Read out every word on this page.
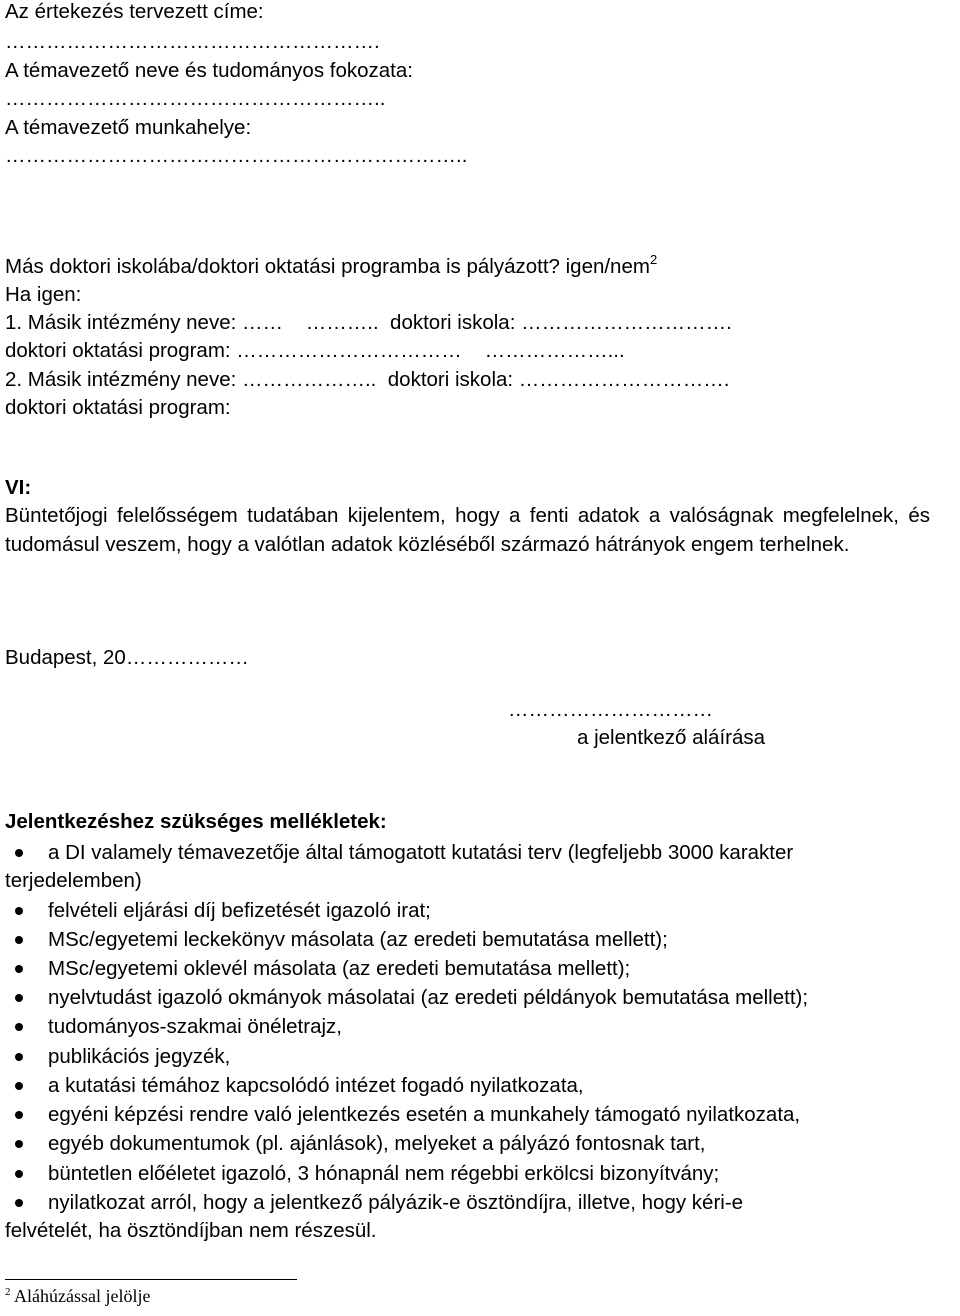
Az értekezés tervezett címe:
……………………………………………….
A témavezető neve és tudományos fokozata:
………………………………………………..
A témavezető munkahelye:
…………………………………………………………..
Más doktori iskolába/doktori oktatási programba is pályázott? igen/nem$^2$
Ha igen:
1. Másik intézmény neve: ……    ………..  doktori iskola: ………………………….
doktori oktatási program: ……………………………    ………………...
2. Másik intézmény neve: ………………..  doktori iskola: ………………………….
doktori oktatási program:
VI:
Büntetőjogi felelősségem tudatában kijelentem, hogy a fenti adatok a valóságnak megfelelnek, és tudomásul veszem, hogy a valótlan adatok közléséből származó hátrányok engem terhelnek.
Budapest, 20………………
…………………………
a jelentkező aláírása
Jelentkezéshez szükséges mellékletek:
a DI valamely témavezetője által támogatott kutatási terv (legfeljebb 3000 karakter
terjedelemben)
felvételi eljárási díj befizetését igazoló irat;
MSc/egyetemi leckekönyv másolata (az eredeti bemutatása mellett);
MSc/egyetemi oklevél másolata (az eredeti bemutatása mellett);
nyelvtudást igazoló okmányok másolatai (az eredeti példányok bemutatása mellett);
tudományos-szakmai önéletrajz,
publikációs jegyzék,
a kutatási témához kapcsolódó intézet fogadó nyilatkozata,
egyéni képzési rendre való jelentkezés esetén a munkahely támogató nyilatkozata,
egyéb dokumentumok (pl. ajánlások), melyeket a pályázó fontosnak tart,
büntetlen előéletet igazoló, 3 hónapnál nem régebbi erkölcsi bizonyítvány;
nyilatkozat arról, hogy a jelentkező pályázik-e ösztöndíjra, illetve, hogy kéri-e
felvételét, ha ösztöndíjban nem részesül.
$^2$ Aláhúzással jelölje
